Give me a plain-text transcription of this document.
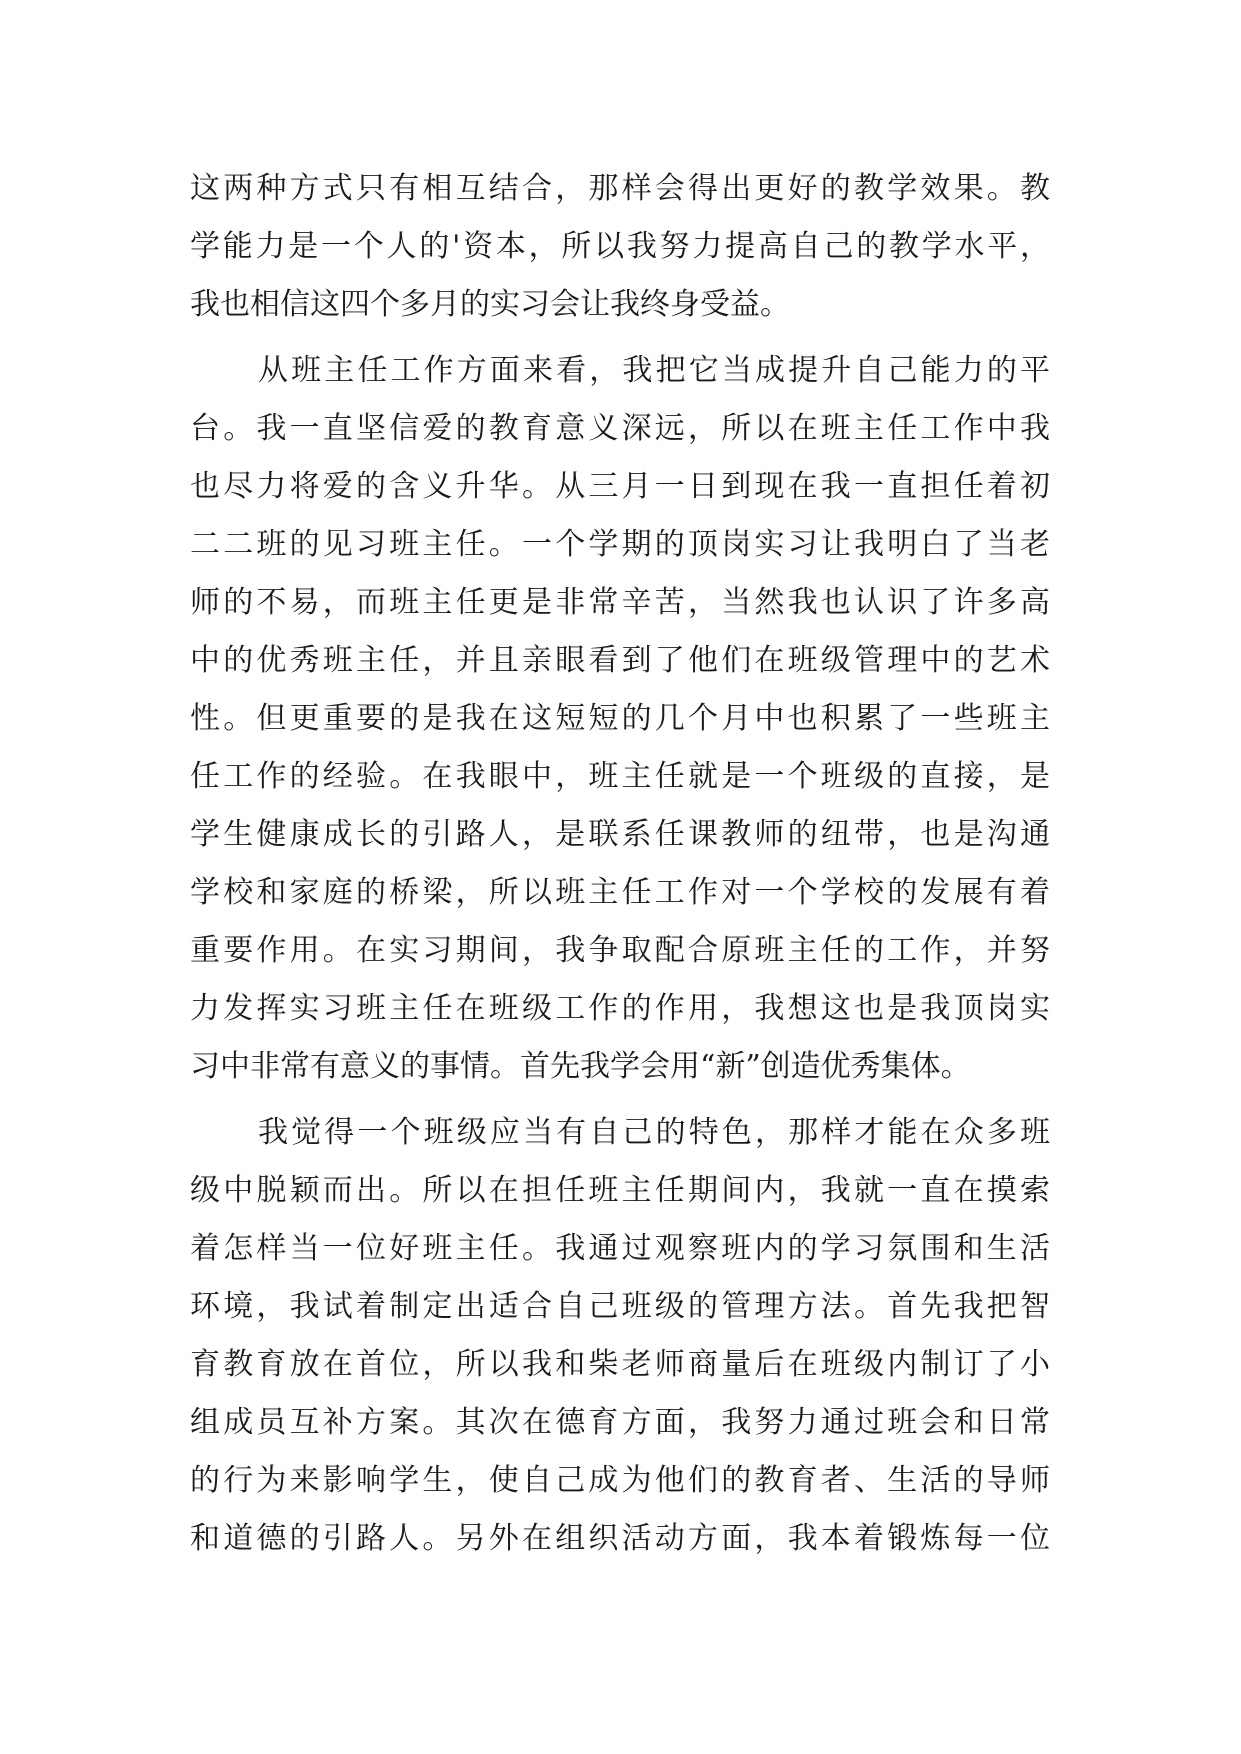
这两种方式只有相互结合，那样会得出更好的教学效果。教
学能力是一个人的'资本，所以我努力提高自己的教学水平，
我也相信这四个多月的实习会让我终身受益。
从班主任工作方面来看，我把它当成提升自己能力的平
台。我一直坚信爱的教育意义深远，所以在班主任工作中我
也尽力将爱的含义升华。从三月一日到现在我一直担任着初
二二班的见习班主任。一个学期的顶岗实习让我明白了当老
师的不易，而班主任更是非常辛苦，当然我也认识了许多高
中的优秀班主任，并且亲眼看到了他们在班级管理中的艺术
性。但更重要的是我在这短短的几个月中也积累了一些班主
任工作的经验。在我眼中，班主任就是一个班级的直接，是
学生健康成长的引路人，是联系任课教师的纽带，也是沟通
学校和家庭的桥梁，所以班主任工作对一个学校的发展有着
重要作用。在实习期间，我争取配合原班主任的工作，并努
力发挥实习班主任在班级工作的作用，我想这也是我顶岗实
习中非常有意义的事情。首先我学会用“新”创造优秀集体。
我觉得一个班级应当有自己的特色，那样才能在众多班
级中脱颖而出。所以在担任班主任期间内，我就一直在摸索
着怎样当一位好班主任。我通过观察班内的学习氛围和生活
环境，我试着制定出适合自己班级的管理方法。首先我把智
育教育放在首位，所以我和柴老师商量后在班级内制订了小
组成员互补方案。其次在德育方面，我努力通过班会和日常
的行为来影响学生，使自己成为他们的教育者、生活的导师
和道德的引路人。另外在组织活动方面，我本着锻炼每一位
